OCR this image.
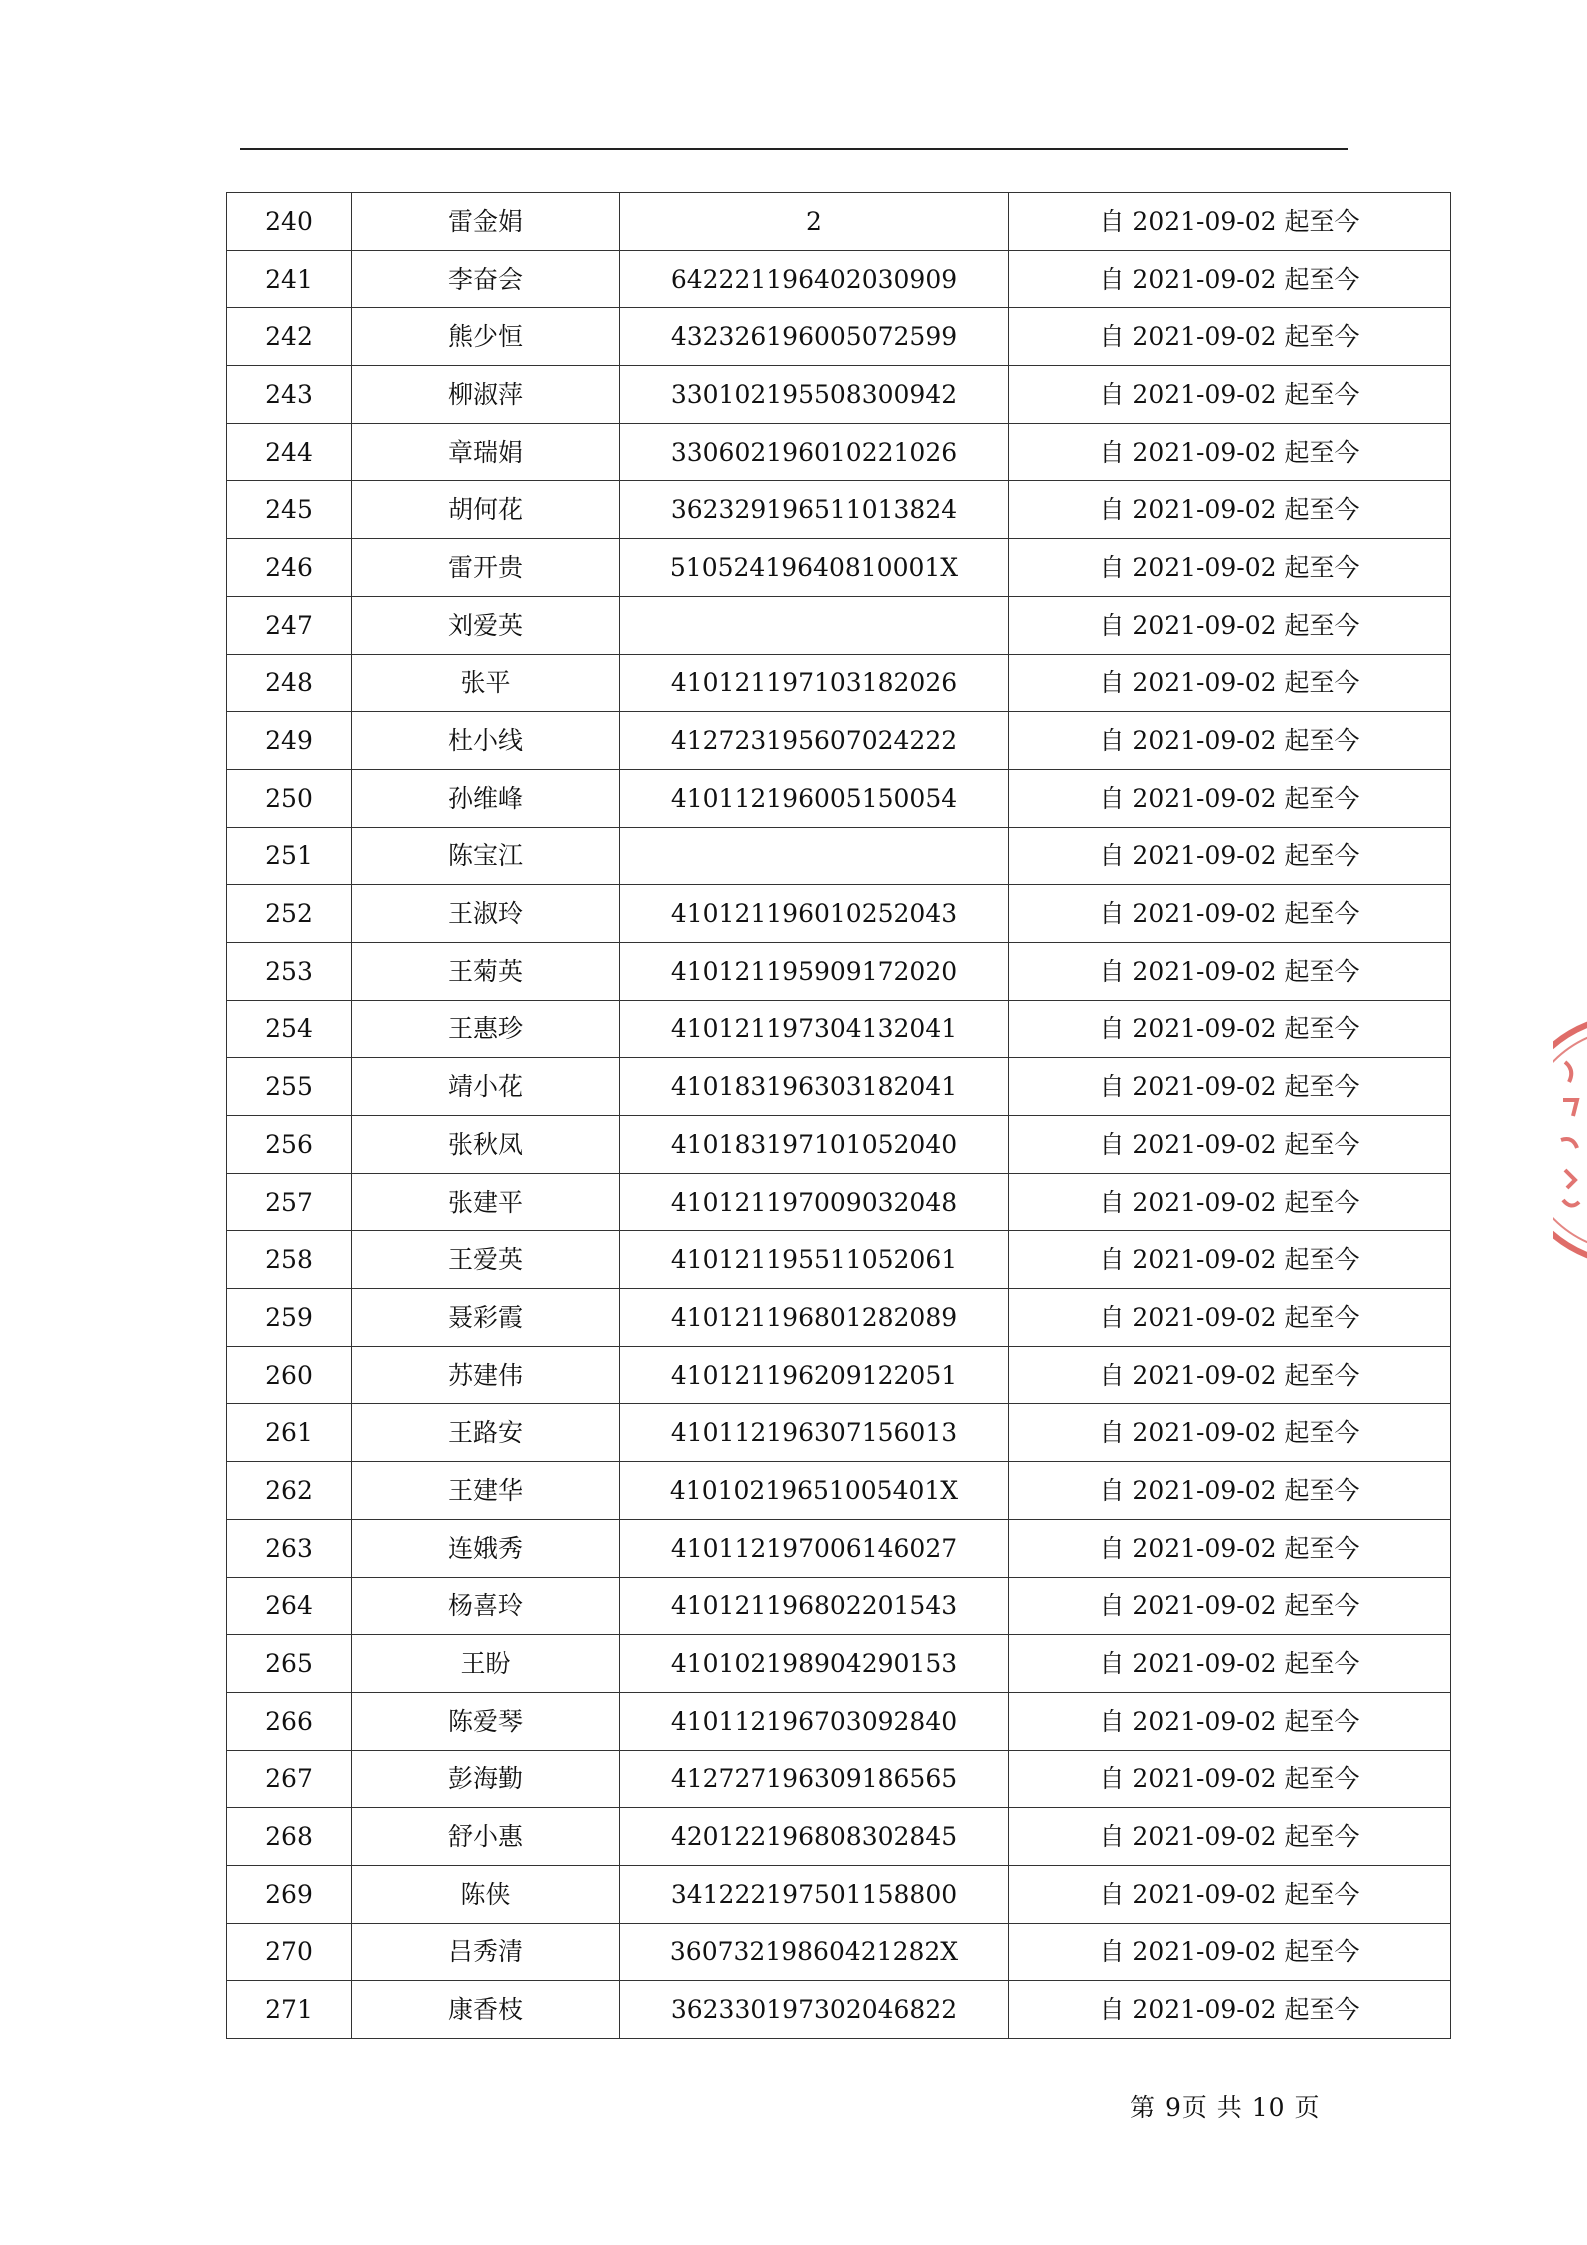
240	雷金娟	2	自 2021-09-02 起至今
241	李奋会	642221196402030909	自 2021-09-02 起至今
242	熊少恒	432326196005072599	自 2021-09-02 起至今
243	柳淑萍	330102195508300942	自 2021-09-02 起至今
244	章瑞娟	330602196010221026	自 2021-09-02 起至今
245	胡何花	362329196511013824	自 2021-09-02 起至今
246	雷开贵	51052419640810001X	自 2021-09-02 起至今
247	刘爱英		自 2021-09-02 起至今
248	张平	410121197103182026	自 2021-09-02 起至今
249	杜小线	412723195607024222	自 2021-09-02 起至今
250	孙维峰	410112196005150054	自 2021-09-02 起至今
251	陈宝江		自 2021-09-02 起至今
252	王淑玲	410121196010252043	自 2021-09-02 起至今
253	王菊英	410121195909172020	自 2021-09-02 起至今
254	王惠珍	410121197304132041	自 2021-09-02 起至今
255	靖小花	410183196303182041	自 2021-09-02 起至今
256	张秋凤	410183197101052040	自 2021-09-02 起至今
257	张建平	410121197009032048	自 2021-09-02 起至今
258	王爱英	410121195511052061	自 2021-09-02 起至今
259	聂彩霞	410121196801282089	自 2021-09-02 起至今
260	苏建伟	410121196209122051	自 2021-09-02 起至今
261	王路安	410112196307156013	自 2021-09-02 起至今
262	王建华	41010219651005401X	自 2021-09-02 起至今
263	连娥秀	410112197006146027	自 2021-09-02 起至今
264	杨喜玲	410121196802201543	自 2021-09-02 起至今
265	王盼	410102198904290153	自 2021-09-02 起至今
266	陈爱琴	410112196703092840	自 2021-09-02 起至今
267	彭海勤	412727196309186565	自 2021-09-02 起至今
268	舒小惠	420122196808302845	自 2021-09-02 起至今
269	陈侠	341222197501158800	自 2021-09-02 起至今
270	吕秀清	36073219860421282X	自 2021-09-02 起至今
271	康香枝	362330197302046822	自 2021-09-02 起至今
第 9页 共 10 页
